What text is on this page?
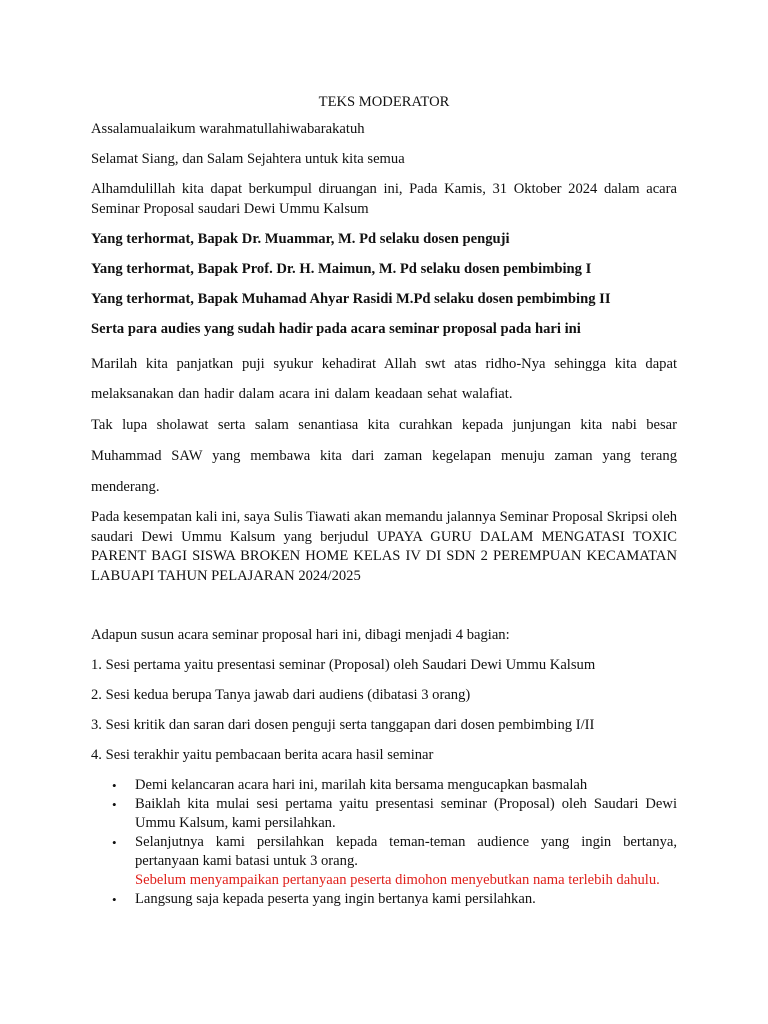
TEKS MODERATOR

Assalamualaikum warahmatullahiwabarakatuh

Selamat Siang, dan Salam Sejahtera untuk kita semua

Alhamdulillah kita dapat berkumpul diruangan ini, Pada Kamis, 31 Oktober 2024 dalam acara Seminar Proposal saudari Dewi Ummu Kalsum

Yang terhormat, Bapak Dr. Muammar, M. Pd selaku dosen penguji

Yang terhormat, Bapak Prof. Dr. H. Maimun, M. Pd selaku dosen pembimbing I

Yang terhormat, Bapak Muhamad Ahyar Rasidi M.Pd selaku dosen pembimbing II

Serta para audies yang sudah hadir pada acara seminar proposal pada hari ini

Marilah kita panjatkan puji syukur kehadirat Allah swt atas ridho-Nya sehingga kita dapat

melaksanakan dan hadir dalam acara ini dalam keadaan sehat walafiat.

Tak lupa sholawat serta salam senantiasa kita curahkan kepada junjungan kita nabi besar

Muhammad SAW yang membawa kita dari zaman kegelapan menuju zaman yang terang

menderang.

Pada kesempatan kali ini, saya Sulis Tiawati akan memandu jalannya Seminar Proposal Skripsi oleh saudari Dewi Ummu Kalsum yang berjudul UPAYA GURU DALAM MENGATASI TOXIC PARENT BAGI SISWA BROKEN HOME KELAS IV DI SDN 2 PEREMPUAN KECAMATAN LABUAPI TAHUN PELAJARAN 2024/2025

Adapun susun acara seminar proposal hari ini, dibagi menjadi 4 bagian:

1. Sesi pertama yaitu presentasi seminar (Proposal) oleh Saudari Dewi Ummu Kalsum

2. Sesi kedua berupa Tanya jawab dari audiens (dibatasi 3 orang)

3. Sesi kritik dan saran dari dosen penguji serta tanggapan dari dosen pembimbing I/II

4. Sesi terakhir yaitu pembacaan berita acara hasil seminar

• Demi kelancaran acara hari ini, marilah kita bersama mengucapkan basmalah
• Baiklah kita mulai sesi pertama yaitu presentasi seminar (Proposal) oleh Saudari Dewi Ummu Kalsum, kami persilahkan.
• Selanjutnya kami persilahkan kepada teman-teman audience yang ingin bertanya, pertanyaan kami batasi untuk 3 orang.
Sebelum menyampaikan pertanyaan peserta dimohon menyebutkan nama terlebih dahulu.
• Langsung saja kepada peserta yang ingin bertanya kami persilahkan.
